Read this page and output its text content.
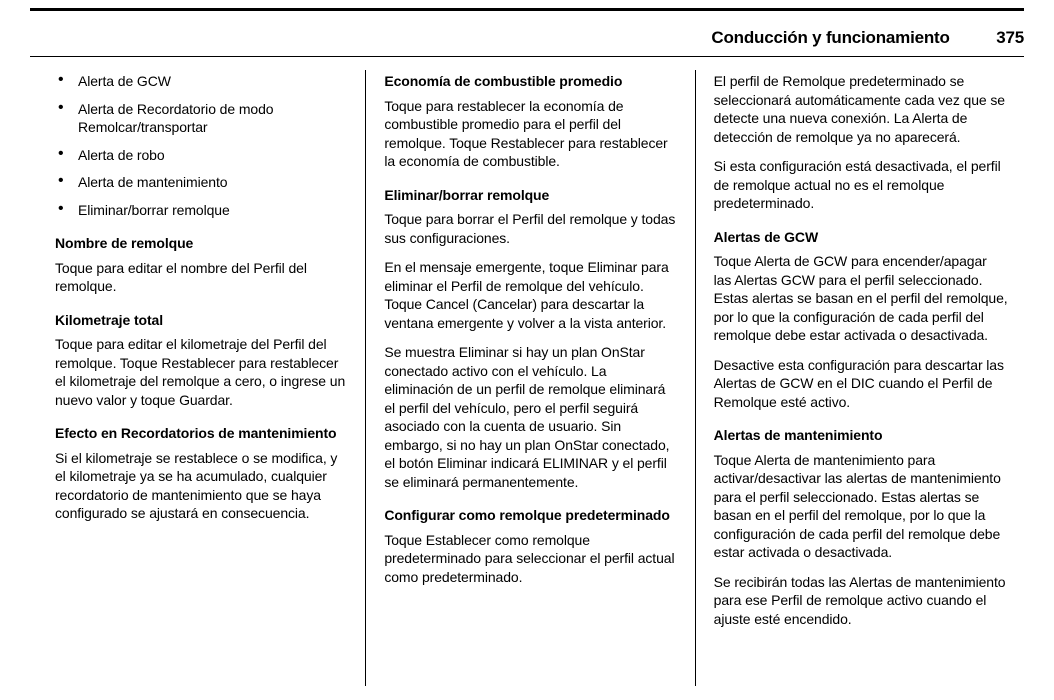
Conducción y funcionamiento	375
• Alerta de GCW
• Alerta de Recordatorio de modo Remolcar/transportar
• Alerta de robo
• Alerta de mantenimiento
• Eliminar/borrar remolque
Nombre de remolque

Toque para editar el nombre del Perfil del remolque.

Kilometraje total

Toque para editar el kilometraje del Perfil del remolque. Toque Restablecer para restablecer el kilometraje del remolque a cero, o ingrese un nuevo valor y toque Guardar.

Efecto en Recordatorios de mantenimiento

Si el kilometraje se restablece o se modifica, y el kilometraje ya se ha acumulado, cualquier recordatorio de mantenimiento que se haya configurado se ajustará en consecuencia.

Economía de combustible promedio

Toque para restablecer la economía de combustible promedio para el perfil del remolque. Toque Restablecer para restablecer la economía de combustible.

Eliminar/borrar remolque

Toque para borrar el Perfil del remolque y todas sus configuraciones.

En el mensaje emergente, toque Eliminar para eliminar el Perfil de remolque del vehículo. Toque Cancel (Cancelar) para descartar la ventana emergente y volver a la vista anterior.

Se muestra Eliminar si hay un plan OnStar conectado activo con el vehículo. La eliminación de un perfil de remolque eliminará el perfil del vehículo, pero el perfil seguirá asociado con la cuenta de usuario. Sin embargo, si no hay un plan OnStar conectado, el botón Eliminar indicará ELIMINAR y el perfil se eliminará permanentemente.

Configurar como remolque predeterminado

Toque Establecer como remolque predeterminado para seleccionar el perfil actual como predeterminado.

El perfil de Remolque predeterminado se seleccionará automáticamente cada vez que se detecte una nueva conexión. La Alerta de detección de remolque ya no aparecerá.

Si esta configuración está desactivada, el perfil de remolque actual no es el remolque predeterminado.

Alertas de GCW

Toque Alerta de GCW para encender/apagar las Alertas GCW para el perfil seleccionado. Estas alertas se basan en el perfil del remolque, por lo que la configuración de cada perfil del remolque debe estar activada o desactivada.

Desactive esta configuración para descartar las Alertas de GCW en el DIC cuando el Perfil de Remolque esté activo.

Alertas de mantenimiento

Toque Alerta de mantenimiento para activar/desactivar las alertas de mantenimiento para el perfil seleccionado. Estas alertas se basan en el perfil del remolque, por lo que la configuración de cada perfil del remolque debe estar activada o desactivada.

Se recibirán todas las Alertas de mantenimiento para ese Perfil de remolque activo cuando el ajuste esté encendido.
